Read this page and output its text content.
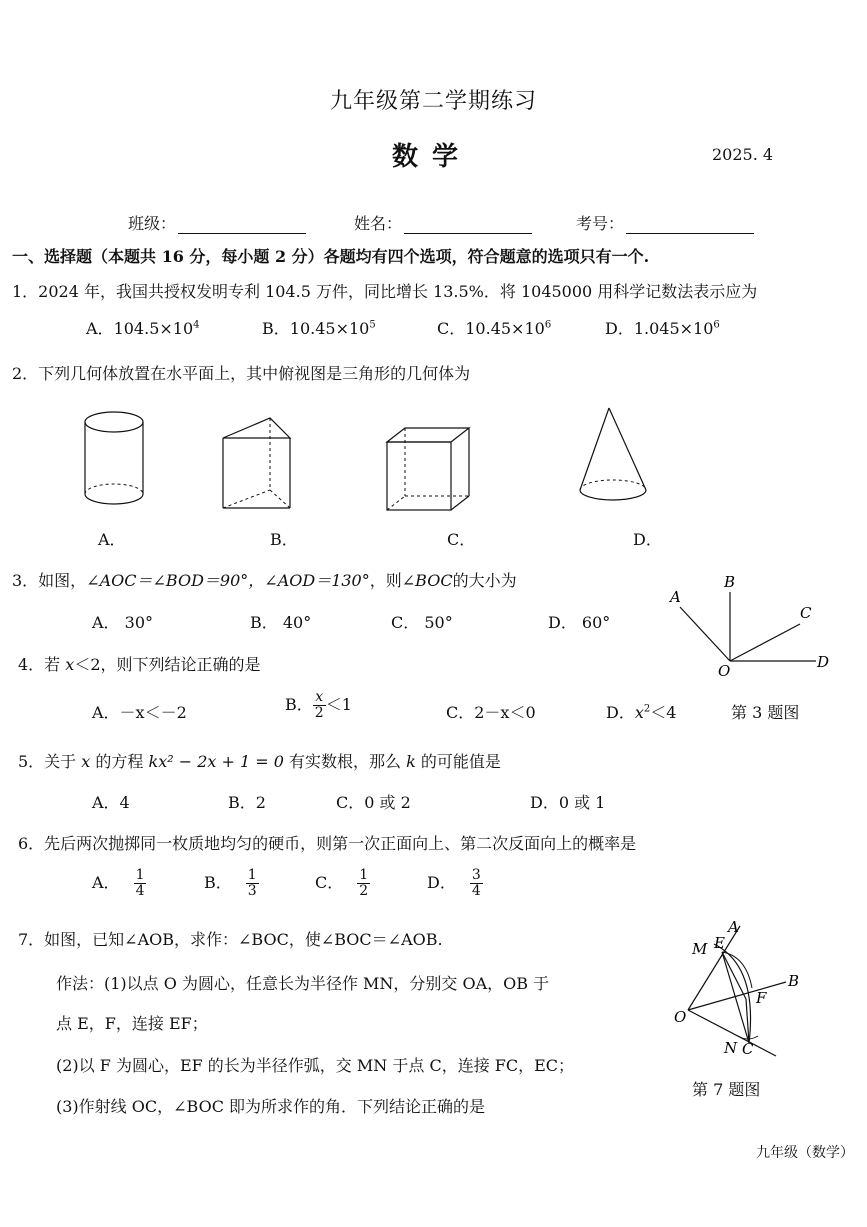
九年级第二学期练习
数学	2025. 4
班级：	姓名：	考号：
一、选择题（本题共 16 分，每小题 2 分）各题均有四个选项，符合题意的选项只有一个.
1．2024 年，我国共授权发明专利 104.5 万件，同比增长 13.5%．将 1045000 用科学记数法表示应为
A．$104.5\times 10^4$	B．$10.45\times 10^5$	C．$10.45\times 10^6$	D．$1.045\times 10^6$
2．下列几何体放置在水平面上，其中俯视图是三角形的几何体为
A．	B．	C．	D．
3．如图，∠AOC＝∠BOD＝90°，∠AOD＝130°，则∠BOC的大小为
A． 30°	B． 40°	C． 50°	D． 60°
A
B
C
O	D
4．若 x＜2，则下列结论正确的是
A．－x＜－2	B． $\frac{x}{2} <1$	C．2－x＜0	D．$x^2<4$	第 3 题图
5．关于 x 的方程 kx² − 2x + 1 = 0 有实数根，那么 k 的可能值是
A．4	B．2	C．0 或 2	D．0 或 1
6．先后两次抛掷同一枚质地均匀的硬币，则第一次正面向上、第二次反面向上的概率是
A． $\frac{1}{4}$	B． $\frac{1}{3}$	C． $\frac{1}{2}$	D． $\frac{3}{4}$
7．如图，已知∠AOB，求作：∠BOC，使∠BOC＝∠AOB.
作法：(1)以点 O 为圆心，任意长为半径作 MN，分别交 OA，OB 于
点 E，F，连接 EF；
(2)以 F 为圆心，EF 的长为半径作弧，交 MN 于点 C，连接 FC，EC；
(3)作射线 OC，∠BOC 即为所求作的角．下列结论正确的是
A
E
M
B
F
O
N C
第 7 题图
九年级（数学）
